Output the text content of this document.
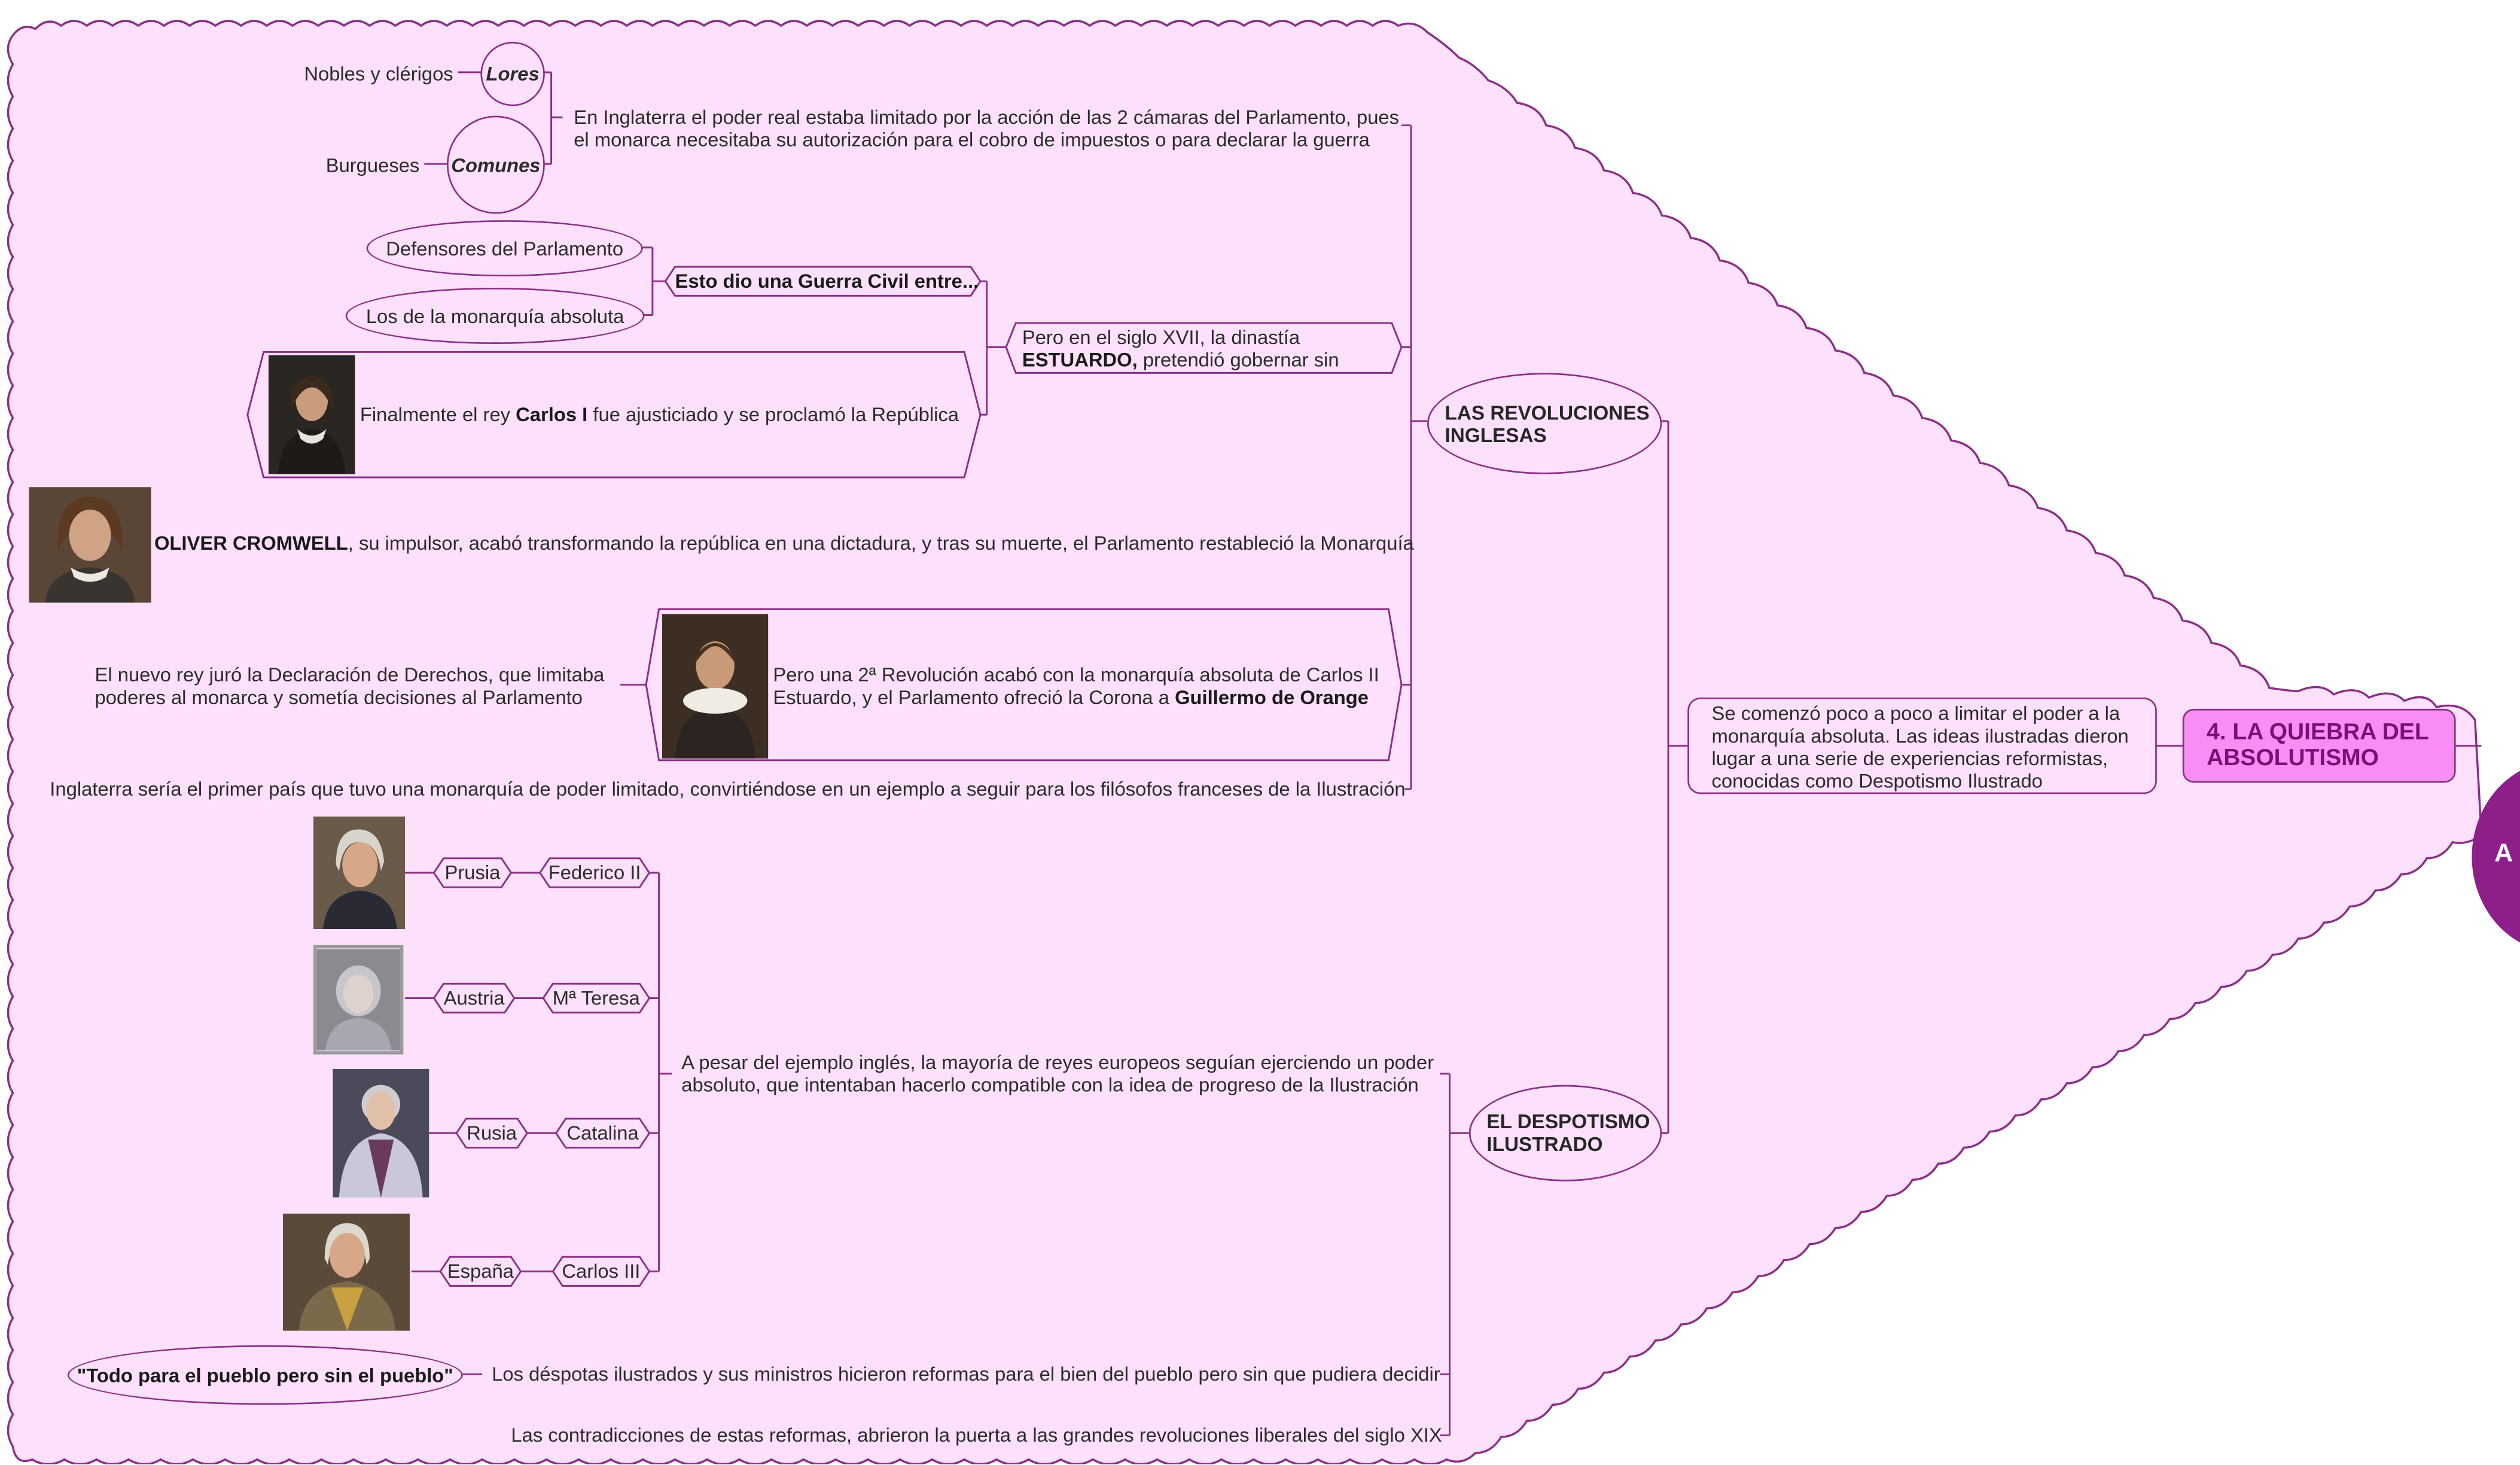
4. LA QUIEBRA DEL
ABSOLUTISMO
A
Se comenzó poco a poco a limitar el poder a la
monarquía absoluta. Las ideas ilustradas dieron
lugar a una serie de experiencias reformistas,
conocidas como Despotismo Ilustrado
LAS REVOLUCIONES
INGLESAS
EL DESPOTISMO
ILUSTRADO
Nobles y clérigos	Lores
Burgueses	Comunes
En Inglaterra el poder real estaba limitado por la acción de las 2 cámaras del Parlamento, pues
el monarca necesitaba su autorización para el cobro de impuestos o para declarar la guerra
Defensores del Parlamento
Los de la monarquía absoluta
Esto dio una Guerra Civil entre...
Pero en el siglo XVII, la dinastía
ESTUARDO, pretendió gobernar sin
Finalmente el rey Carlos I fue ajusticiado y se proclamó la República
OLIVER CROMWELL, su impulsor, acabó transformando la república en una dictadura, y tras su muerte, el Parlamento restableció la Monarquía
El nuevo rey juró la Declaración de Derechos, que limitaba
poderes al monarca y sometía decisiones al Parlamento
Pero una 2ª Revolución acabó con la monarquía absoluta de Carlos II
Estuardo, y el Parlamento ofreció la Corona a Guillermo de Orange
Inglaterra sería el primer país que tuvo una monarquía de poder limitado, convirtiéndose en un ejemplo a seguir para los filósofos franceses de la Ilustración
Prusia	Federico II
Austria	Mª Teresa
Rusia	Catalina
España	Carlos III
A pesar del ejemplo inglés, la mayoría de reyes europeos seguían ejerciendo un poder
absoluto, que intentaban hacerlo compatible con la idea de progreso de la Ilustración
"Todo para el pueblo pero sin el pueblo"	Los déspotas ilustrados y sus ministros hicieron reformas para el bien del pueblo pero sin que pudiera decidir
Las contradicciones de estas reformas, abrieron la puerta a las grandes revoluciones liberales del siglo XIX
